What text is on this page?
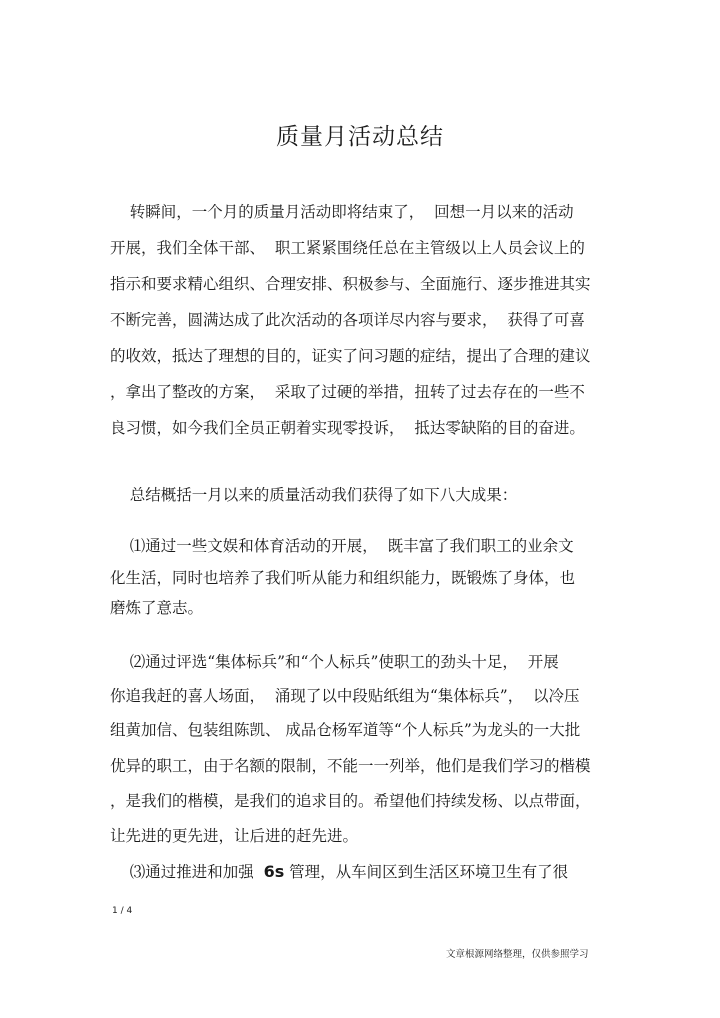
质量月活动总结
转瞬间，一个月的质量月活动即将结束了，  回想一月以来的活动
开展，我们全体干部、  职工紧紧围绕任总在主管级以上人员会议上的
指示和要求精心组织、合理安排、积极参与、全面施行、逐步推进其实
不断完善，圆满达成了此次活动的各项详尽内容与要求，  获得了可喜
的收效，抵达了理想的目的，证实了问习题的症结，提出了合理的建议
，拿出了整改的方案，  采取了过硬的举措，扭转了过去存在的一些不
良习惯，如今我们全员正朝着实现零投诉，  抵达零缺陷的目的奋进。
总结概括一月以来的质量活动我们获得了如下八大成果：
⑴通过一些文娱和体育活动的开展，  既丰富了我们职工的业余文
化生活，同时也培养了我们听从能力和组织能力，既锻炼了身体，也
磨炼了意志。
⑵通过评选“集体标兵”和“个人标兵”使职工的劲头十足，  开展
你追我赶的喜人场面，  涌现了以中段贴纸组为“集体标兵”，  以冷压
组黄加信、包装组陈凯、 成品仓杨军道等“个人标兵”为龙头的一大批
优异的职工，由于名额的限制，不能一一列举，他们是我们学习的楷模
，是我们的楷模，是我们的追求目的。希望他们持续发杨、以点带面，
让先进的更先进，让后进的赶先进。
⑶通过推进和加强  6s 管理，从车间区到生活区环境卫生有了很
1 / 4
文章根源网络整理，仅供参照学习
